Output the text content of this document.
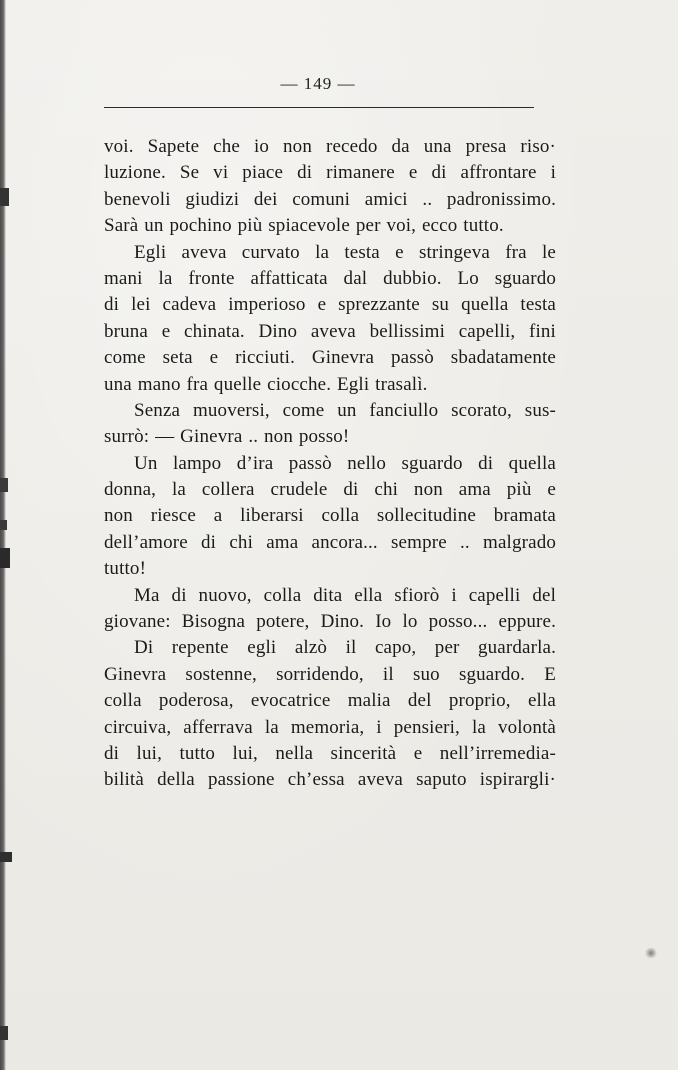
— 149 —
voi. Sapete che io non recedo da una presa riso·
luzione. Se vi piace di rimanere e di affrontare i
benevoli giudizi dei comuni amici .. padronissimo.
Sarà un pochino più spiacevole per voi, ecco tutto.
Egli aveva curvato la testa e stringeva fra le
mani la fronte affatticata dal dubbio. Lo sguardo
di lei cadeva imperioso e sprezzante su quella testa
bruna e chinata. Dino aveva bellissimi capelli, fini
come seta e ricciuti. Ginevra passò sbadatamente
una mano fra quelle ciocche. Egli trasalì.
Senza muoversi, come un fanciullo scorato, sus-
surrò: — Ginevra .. non posso!
Un lampo d’ira passò nello sguardo di quella
donna, la collera crudele di chi non ama più e
non riesce a liberarsi colla sollecitudine bramata
dell’amore di chi ama ancora... sempre .. malgrado
tutto!
Ma di nuovo, colla dita ella sfiorò i capelli del
giovane: Bisogna potere, Dino. Io lo posso... eppure.
Di repente egli alzò il capo, per guardarla.
Ginevra sostenne, sorridendo, il suo sguardo. E
colla poderosa, evocatrice malia del proprio, ella
circuiva, afferrava la memoria, i pensieri, la volontà
di lui, tutto lui, nella sincerità e nell’irremedia-
bilità della passione ch’essa aveva saputo ispirargli·
